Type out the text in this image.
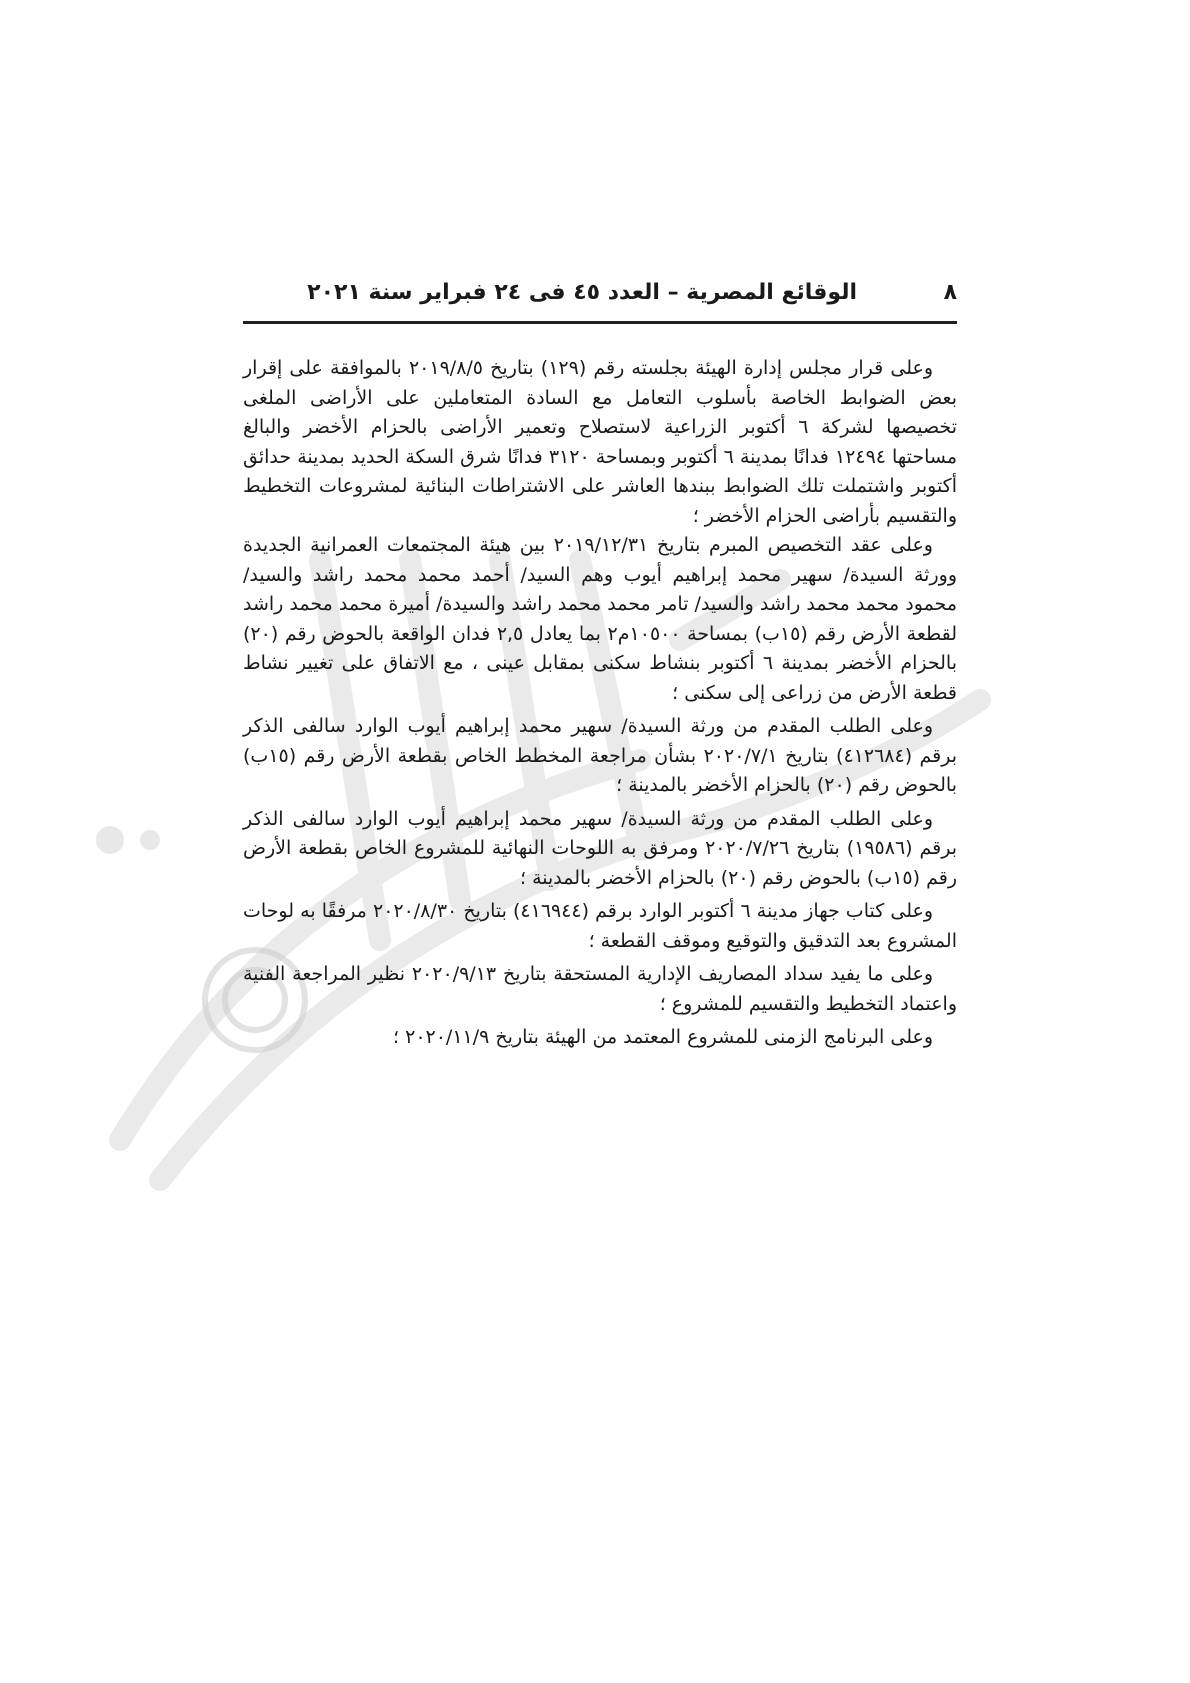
٨
الوقائع المصرية – العدد ٤٥ فى ٢٤ فبراير سنة ٢٠٢١

وعلى قرار مجلس إدارة الهيئة بجلسته رقم (١٢٩) بتاريخ ٢٠١٩/٨/٥ بالموافقة على إقرار بعض الضوابط الخاصة بأسلوب التعامل مع السادة المتعاملين على الأراضى الملغى تخصيصها لشركة ٦ أكتوبر الزراعية لاستصلاح وتعمير الأراضى بالحزام الأخضر والبالغ مساحتها ١٢٤٩٤ فدانًا بمدينة ٦ أكتوبر وبمساحة ٣١٢٠ فدانًا شرق السكة الحديد بمدينة حدائق أكتوبر واشتملت تلك الضوابط ببندها العاشر على الاشتراطات البنائية لمشروعات التخطيط والتقسيم بأراضى الحزام الأخضر ؛

وعلى عقد التخصيص المبرم بتاريخ ٢٠١٩/١٢/٣١ بين هيئة المجتمعات العمرانية الجديدة وورثة السيدة/ سهير محمد إبراهيم أيوب وهم السيد/ أحمد محمد محمد راشد والسيد/ محمود محمد محمد راشد والسيد/ تامر محمد محمد راشد والسيدة/ أميرة محمد محمد راشد لقطعة الأرض رقم (١٥ب) بمساحة ١٠٥٠٠م٢ بما يعادل ٢,٥ فدان الواقعة بالحوض رقم (٢٠) بالحزام الأخضر بمدينة ٦ أكتوبر بنشاط سكنى بمقابل عينى ، مع الاتفاق على تغيير نشاط قطعة الأرض من زراعى إلى سكنى ؛

وعلى الطلب المقدم من ورثة السيدة/ سهير محمد إبراهيم أيوب الوارد سالفى الذكر برقم (٤١٢٦٨٤) بتاريخ ٢٠٢٠/٧/١ بشأن مراجعة المخطط الخاص بقطعة الأرض رقم (١٥ب) بالحوض رقم (٢٠) بالحزام الأخضر بالمدينة ؛

وعلى الطلب المقدم من ورثة السيدة/ سهير محمد إبراهيم أيوب الوارد سالفى الذكر برقم (١٩٥٨٦) بتاريخ ٢٠٢٠/٧/٢٦ ومرفق به اللوحات النهائية للمشروع الخاص بقطعة الأرض رقم (١٥ب) بالحوض رقم (٢٠) بالحزام الأخضر بالمدينة ؛

وعلى كتاب جهاز مدينة ٦ أكتوبر الوارد برقم (٤١٦٩٤٤) بتاريخ ٢٠٢٠/٨/٣٠ مرفقًا به لوحات المشروع بعد التدقيق والتوقيع وموقف القطعة ؛

وعلى ما يفيد سداد المصاريف الإدارية المستحقة بتاريخ ٢٠٢٠/٩/١٣ نظير المراجعة الفنية واعتماد التخطيط والتقسيم للمشروع ؛

وعلى البرنامج الزمنى للمشروع المعتمد من الهيئة بتاريخ ٢٠٢٠/١١/٩ ؛
